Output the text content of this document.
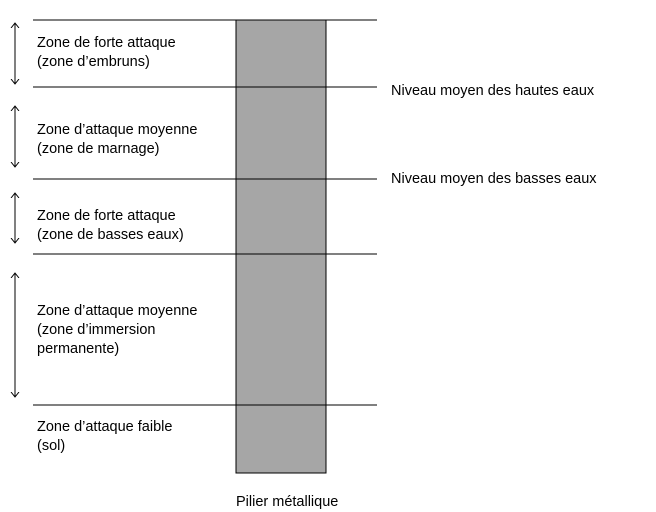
Zone de forte attaque
(zone d’embruns)
Zone d’attaque moyenne
(zone de marnage)
Zone de forte attaque
(zone de basses eaux)
Zone d’attaque moyenne
(zone d’immersion
permanente)
Zone d’attaque faible
(sol)
Niveau moyen des hautes eaux
Niveau moyen des basses eaux
Pilier métallique
